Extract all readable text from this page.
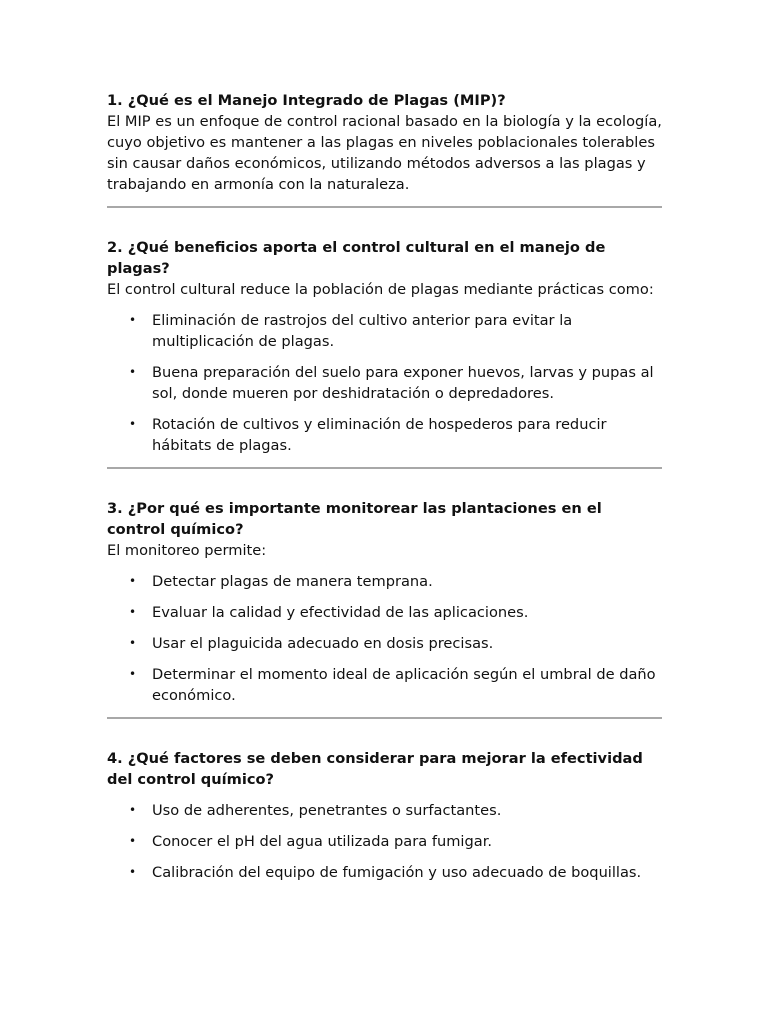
1. ¿Qué es el Manejo Integrado de Plagas (MIP)?

El MIP es un enfoque de control racional basado en la biología y la ecología, cuyo objetivo es mantener a las plagas en niveles poblacionales tolerables sin causar daños económicos, utilizando métodos adversos a las plagas y trabajando en armonía con la naturaleza.

2. ¿Qué beneficios aporta el control cultural en el manejo de plagas?

El control cultural reduce la población de plagas mediante prácticas como:

• Eliminación de rastrojos del cultivo anterior para evitar la multiplicación de plagas.
• Buena preparación del suelo para exponer huevos, larvas y pupas al sol, donde mueren por deshidratación o depredadores.
• Rotación de cultivos y eliminación de hospederos para reducir hábitats de plagas.

3. ¿Por qué es importante monitorear las plantaciones en el control químico?

El monitoreo permite:

• Detectar plagas de manera temprana.
• Evaluar la calidad y efectividad de las aplicaciones.
• Usar el plaguicida adecuado en dosis precisas.
• Determinar el momento ideal de aplicación según el umbral de daño económico.

4. ¿Qué factores se deben considerar para mejorar la efectividad del control químico?

• Uso de adherentes, penetrantes o surfactantes.
• Conocer el pH del agua utilizada para fumigar.
• Calibración del equipo de fumigación y uso adecuado de boquillas.
